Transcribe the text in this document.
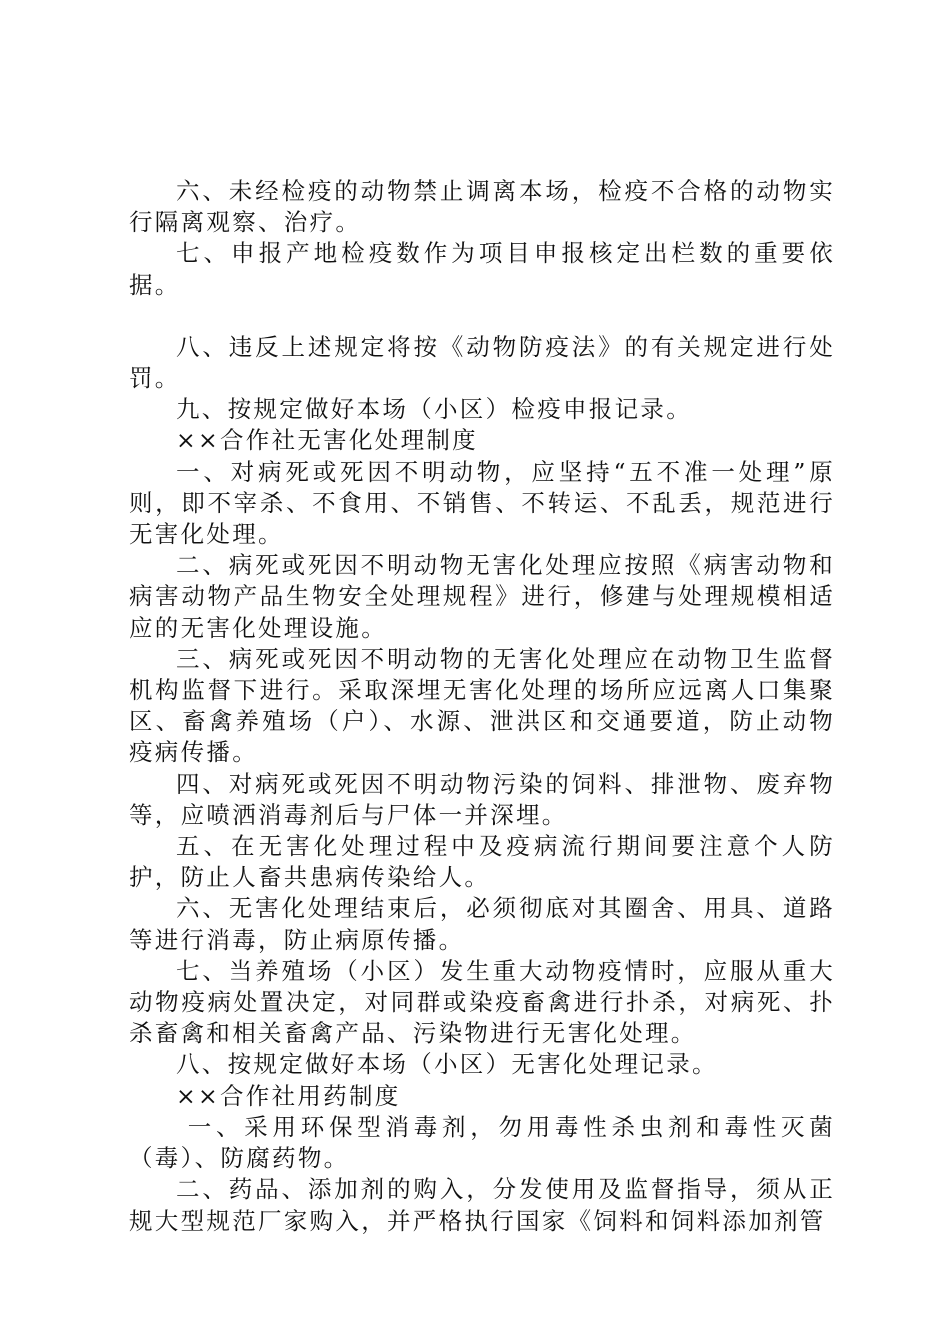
六、未经检疫的动物禁止调离本场，检疫不合格的动物实行隔离观察、治疗。

七、申报产地检疫数作为项目申报核定出栏数的重要依据。

八、违反上述规定将按《动物防疫法》的有关规定进行处罚。

九、按规定做好本场（小区）检疫申报记录。

××合作社无害化处理制度

一、对病死或死因不明动物，应坚持“五不准一处理”原则，即不宰杀、不食用、不销售、不转运、不乱丢，规范进行无害化处理。

二、病死或死因不明动物无害化处理应按照《病害动物和病害动物产品生物安全处理规程》进行，修建与处理规模相适应的无害化处理设施。

三、病死或死因不明动物的无害化处理应在动物卫生监督机构监督下进行。采取深埋无害化处理的场所应远离人口集聚区、畜禽养殖场（户）、水源、泄洪区和交通要道，防止动物疫病传播。

四、对病死或死因不明动物污染的饲料、排泄物、废弃物等，应喷洒消毒剂后与尸体一并深埋。

五、在无害化处理过程中及疫病流行期间要注意个人防护，防止人畜共患病传染给人。

六、无害化处理结束后，必须彻底对其圈舍、用具、道路等进行消毒，防止病原传播。

七、当养殖场（小区）发生重大动物疫情时，应服从重大动物疫病处置决定，对同群或染疫畜禽进行扑杀，对病死、扑杀畜禽和相关畜禽产品、污染物进行无害化处理。

八、按规定做好本场（小区）无害化处理记录。

××合作社用药制度

一、采用环保型消毒剂，勿用毒性杀虫剂和毒性灭菌（毒）、防腐药物。

二、药品、添加剂的购入，分发使用及监督指导，须从正规大型规范厂家购入，并严格执行国家《饲料和饲料添加剂管
